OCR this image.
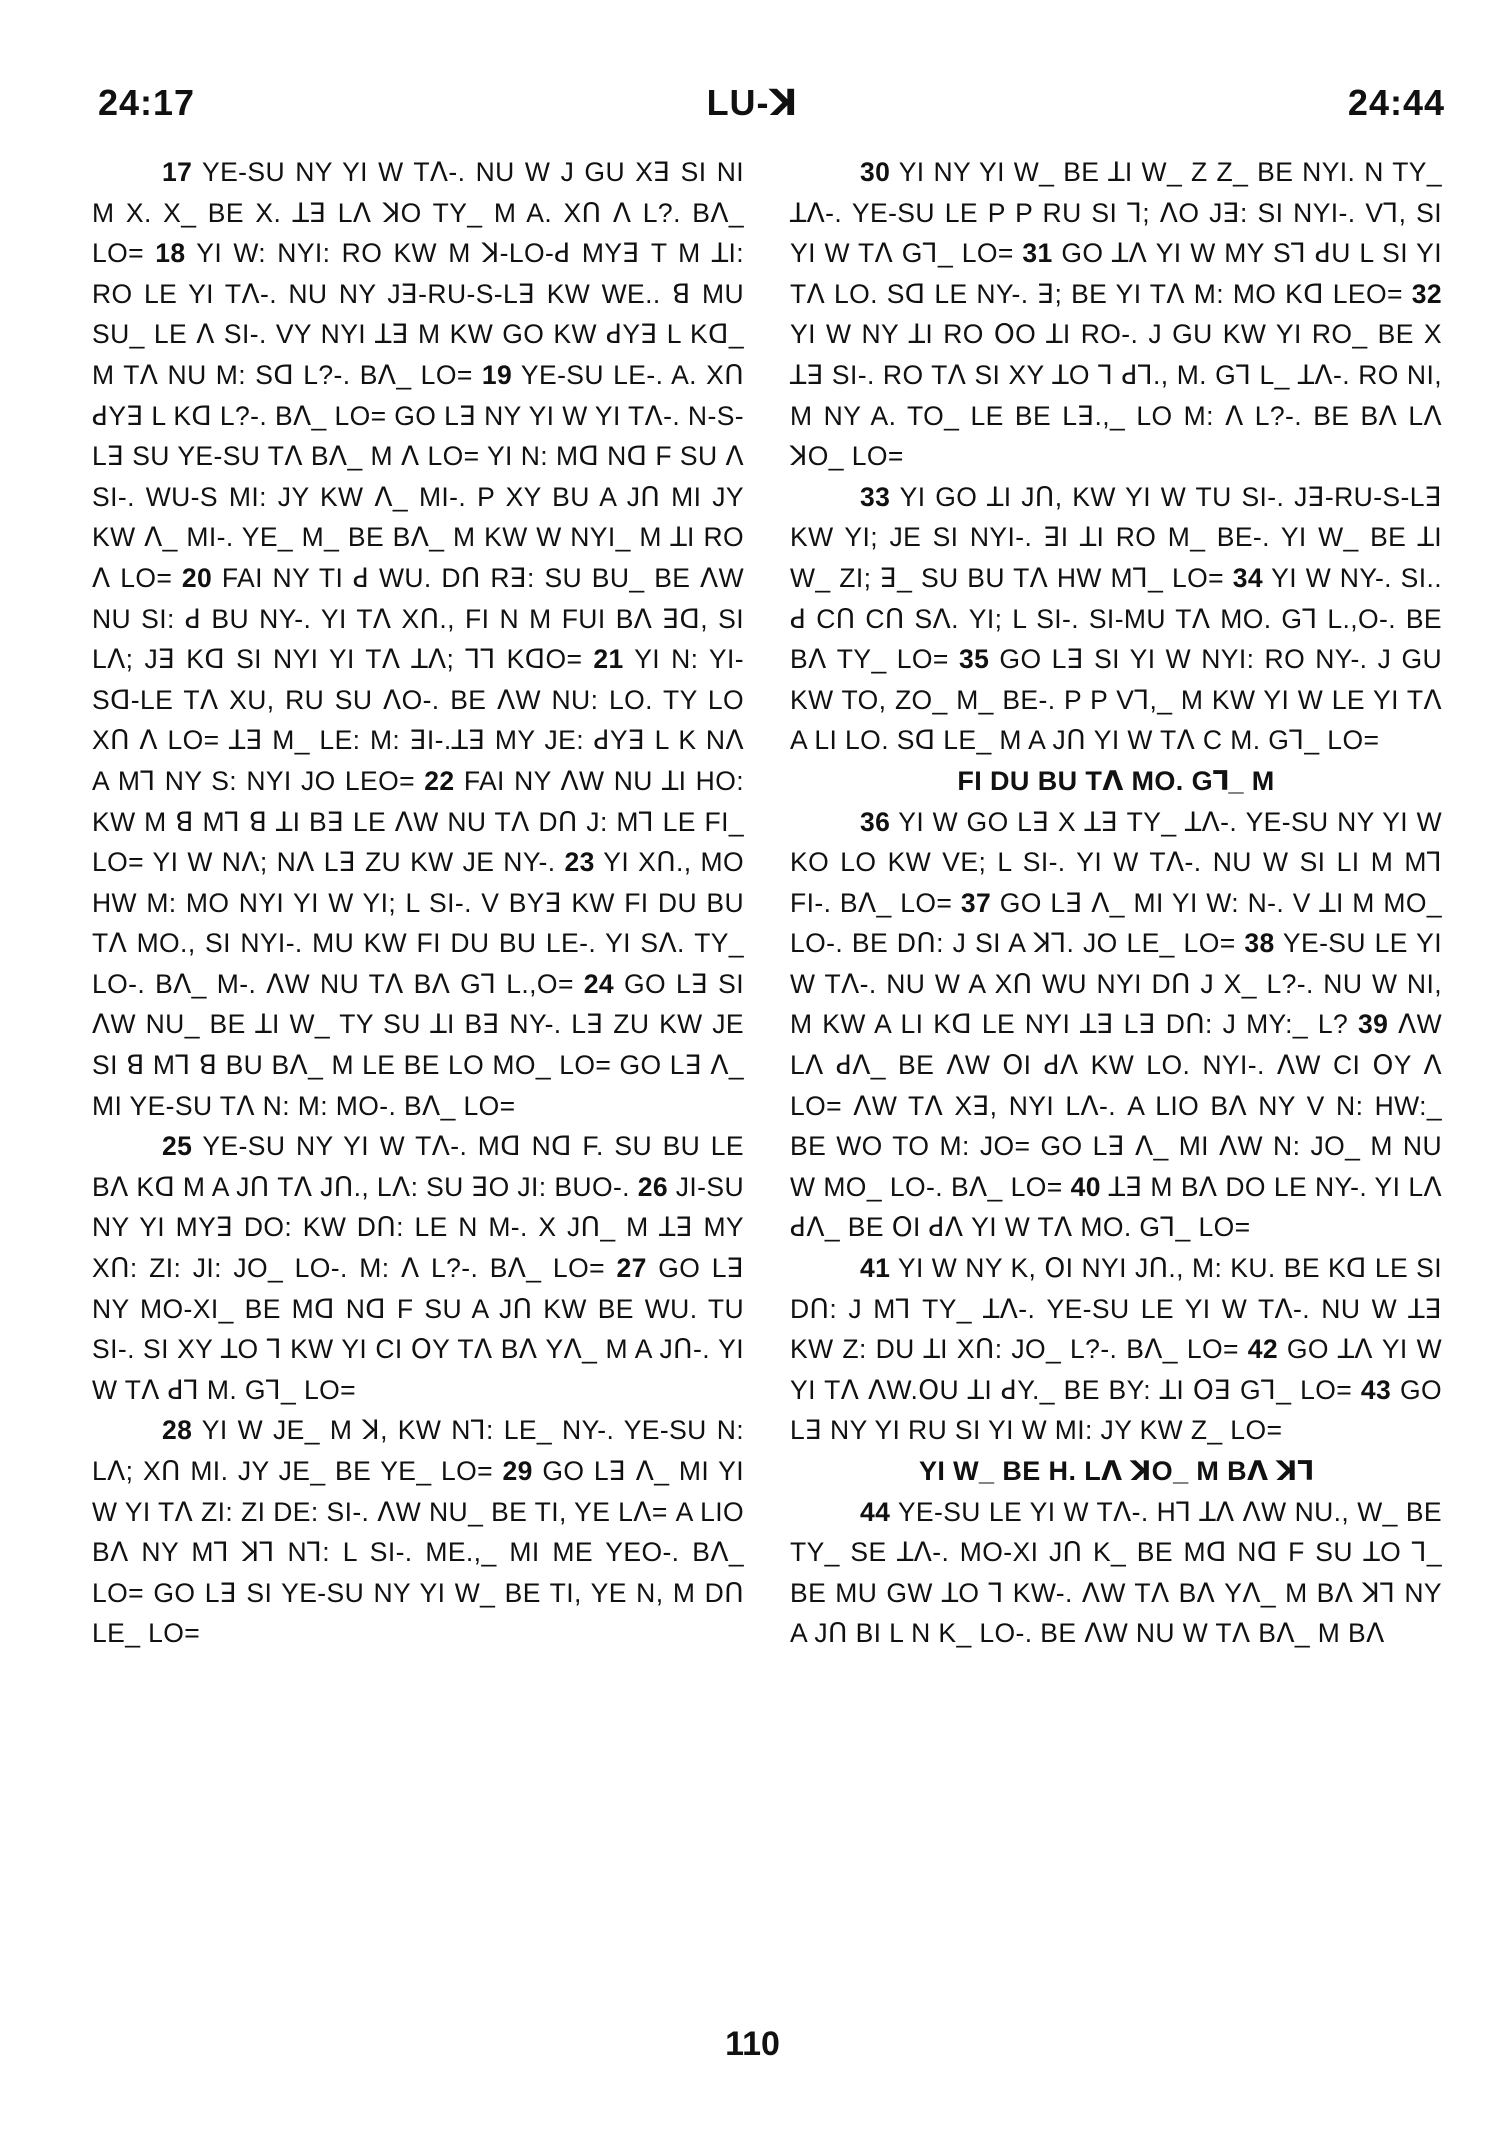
24:17	LU-ꓘ	24:44

17 YE-SU NY YI W Tꓥ-. NU W J GU Xꓱ SI NI M X. X_ BE X. ꓕꓱ Lꓥ ꓘO TY_ M A. Xꓵ ꓥ L?. Bꓥ_ LO= 18 YI W: NYI: RO KW M ꓘ-LO-ꓒ MYꓱ T M ꓕI: RO LE YI Tꓥ-. NU NY Jꓱ-RU-S-Lꓱ KW WE.. ꓭ MU SU_ LE ꓥ SI-. VY NYI ꓕꓱ M KW GO KW ꓒYꓱ L Kꓷ_ M Tꓥ NU M: Sꓷ L?-. Bꓥ_ LO= 19 YE-SU LE-. A. Xꓵ ꓒYꓱ L Kꓷ L?-. Bꓥ_ LO= GO Lꓱ NY YI W YI Tꓥ-. N-S-Lꓱ SU YE-SU Tꓥ Bꓥ_ M ꓥ LO= YI N: Mꓷ Nꓷ F SU ꓥ SI-. WU-S MI: JY KW ꓥ_ MI-. P XY BU A Jꓵ MI JY KW ꓥ_ MI-. YE_ M_ BE Bꓥ_ M KW W NYI_ M ꓕI RO ꓥ LO= 20 FAI NY TI ꓒ WU. Dꓵ Rꓱ: SU BU_ BE ꓥW NU SI: ꓒ BU NY-. YI Tꓥ Xꓵ., FI N M FUI Bꓥ ꓱꓷ, SI Lꓥ; Jꓱ Kꓷ SI NYI YI Tꓥ ꓕꓥ; ꓶꓶ KꓷO= 21 YI N: YI-Sꓷ-LE Tꓥ XU, RU SU ꓥO-. BE ꓥW NU: LO. TY LO Xꓵ ꓥ LO= ꓕꓱ M_ LE: M: ꓱI-.ꓕꓱ MY JE: ꓒYꓱ L K Nꓥ A Mꓶ NY S: NYI JO LEO= 22 FAI NY ꓥW NU ꓕI HO: KW M ꓭ Mꓶ ꓭ ꓕI Bꓱ LE ꓥW NU Tꓥ Dꓵ J: Mꓶ LE FI_ LO= YI W Nꓥ; Nꓥ Lꓱ ZU KW JE NY-. 23 YI Xꓵ., MO HW M: MO NYI YI W YI; L SI-. V BYꓱ KW FI DU BU Tꓥ MO., SI NYI-. MU KW FI DU BU LE-. YI Sꓥ. TY_ LO-. Bꓥ_ M-. ꓥW NU Tꓥ Bꓥ Gꓶ L.,O= 24 GO Lꓱ SI ꓥW NU_ BE ꓕI W_ TY SU ꓕI Bꓱ NY-. Lꓱ ZU KW JE SI ꓭ Mꓶ ꓭ BU Bꓥ_ M LE BE LO MO_ LO= GO Lꓱ ꓥ_ MI YE-SU Tꓥ N: M: MO-. Bꓥ_ LO=

25 YE-SU NY YI W Tꓥ-. Mꓷ Nꓷ F. SU BU LE Bꓥ Kꓷ M A Jꓵ Tꓥ Jꓵ., Lꓥ: SU ꓱO JI: BUO-. 26 JI-SU NY YI MYꓱ DO: KW Dꓵ: LE N M-. X Jꓵ_ M ꓕꓱ MY Xꓵ: ZI: JI: JO_ LO-. M: ꓥ L?-. Bꓥ_ LO= 27 GO Lꓱ NY MO-XI_ BE Mꓷ Nꓷ F SU A Jꓵ KW BE WU. TU SI-. SI XY ꓕO ꓶ KW YI CI ꓳY Tꓥ Bꓥ Yꓥ_ M A Jꓵ-. YI W Tꓥ ꓒꓶ M. Gꓶ_ LO=

28 YI W JE_ M ꓘ, KW Nꓶ: LE_ NY-. YE-SU N: Lꓥ; Xꓵ MI. JY JE_ BE YE_ LO= 29 GO Lꓱ ꓥ_ MI YI W YI Tꓥ ZI: ZI DE: SI-. ꓥW NU_ BE TI, YE Lꓥ= A LIO Bꓥ NY Mꓶ ꓘꓶ Nꓶ: L SI-. ME.,_ MI ME YEO-. Bꓥ_ LO= GO Lꓱ SI YE-SU NY YI W_ BE TI, YE N, M Dꓵ LE_ LO=

30 YI NY YI W_ BE ꓕI W_ Z Z_ BE NYI. N TY_ ꓕꓥ-. YE-SU LE P P RU SI ꓶ; ꓥO Jꓱ: SI NYI-. Vꓶ, SI YI W Tꓥ Gꓶ_ LO= 31 GO ꓕꓥ YI W MY Sꓶ ꓒU L SI YI Tꓥ LO. Sꓷ LE NY-. ꓱ; BE YI Tꓥ M: MO Kꓷ LEO= 32 YI W NY ꓕI RO ꓳO ꓕI RO-. J GU KW YI RO_ BE X ꓕꓱ SI-. RO Tꓥ SI XY ꓕO ꓶ ꓒꓶ., M. Gꓶ L_ ꓕꓥ-. RO NI, M NY A. TO_ LE BE Lꓱ.,_ LO M: ꓥ L?-. BE Bꓥ Lꓥ ꓘO_ LO=

33 YI GO ꓕI Jꓵ, KW YI W TU SI-. Jꓱ-RU-S-Lꓱ KW YI; JE SI NYI-. ꓱI ꓕI RO M_ BE-. YI W_ BE ꓕI W_ ZI; ꓱ_ SU BU Tꓥ HW Mꓶ_ LO= 34 YI W NY-. SI.. ꓒ Cꓵ Cꓵ Sꓥ. YI; L SI-. SI-MU Tꓥ MO. Gꓶ L.,O-. BE Bꓥ TY_ LO= 35 GO Lꓱ SI YI W NYI: RO NY-. J GU KW TO, ZO_ M_ BE-. P P Vꓶ,_ M KW YI W LE YI Tꓥ A LI LO. Sꓷ LE_ M A Jꓵ YI W Tꓥ C M. Gꓶ_ LO=

FI DU BU Tꓥ MO. Gꓶ_ M

36 YI W GO Lꓱ X ꓕꓱ TY_ ꓕꓥ-. YE-SU NY YI W KO LO KW VE; L SI-. YI W Tꓥ-. NU W SI LI M Mꓶ FI-. Bꓥ_ LO= 37 GO Lꓱ ꓥ_ MI YI W: N-. V ꓕI M MO_ LO-. BE Dꓵ: J SI A ꓘꓶ. JO LE_ LO= 38 YE-SU LE YI W Tꓥ-. NU W A Xꓵ WU NYI Dꓵ J X_ L?-. NU W NI, M KW A LI Kꓷ LE NYI ꓕꓱ Lꓱ Dꓵ: J MY:_ L? 39 ꓥW Lꓥ ꓒꓥ_ BE ꓥW ꓳI ꓒꓥ KW LO. NYI-. ꓥW CI ꓳY ꓥ LO= ꓥW Tꓥ Xꓱ, NYI Lꓥ-. A LIO Bꓥ NY V N: HW:_ BE WO TO M: JO= GO Lꓱ ꓥ_ MI ꓥW N: JO_ M NU W MO_ LO-. Bꓥ_ LO= 40 ꓕꓱ M Bꓥ DO LE NY-. YI Lꓥ ꓒꓥ_ BE ꓳI ꓒꓥ YI W Tꓥ MO. Gꓶ_ LO=

41 YI W NY K, ꓳI NYI Jꓵ., M: KU. BE Kꓷ LE SI Dꓵ: J Mꓶ TY_ ꓕꓥ-. YE-SU LE YI W Tꓥ-. NU W ꓕꓱ KW Z: DU ꓕI Xꓵ: JO_ L?-. Bꓥ_ LO= 42 GO ꓕꓥ YI W YI Tꓥ ꓥW.ꓳU ꓕI ꓒY._ BE BY: ꓕI ꓳꓱ Gꓶ_ LO= 43 GO Lꓱ NY YI RU SI YI W MI: JY KW Z_ LO=

YI W_ BE H. Lꓥ ꓘO_ M Bꓥ ꓘꓶ

44 YE-SU LE YI W Tꓥ-. Hꓶ ꓕꓥ ꓥW NU., W_ BE TY_ SE ꓕꓥ-. MO-XI Jꓵ K_ BE Mꓷ Nꓷ F SU ꓕO ꓶ_ BE MU GW ꓕO ꓶ KW-. ꓥW Tꓥ Bꓥ Yꓥ_ M Bꓥ ꓘꓶ NY A Jꓵ BI L N K_ LO-. BE ꓥW NU W Tꓥ Bꓥ_ M Bꓥ

110
